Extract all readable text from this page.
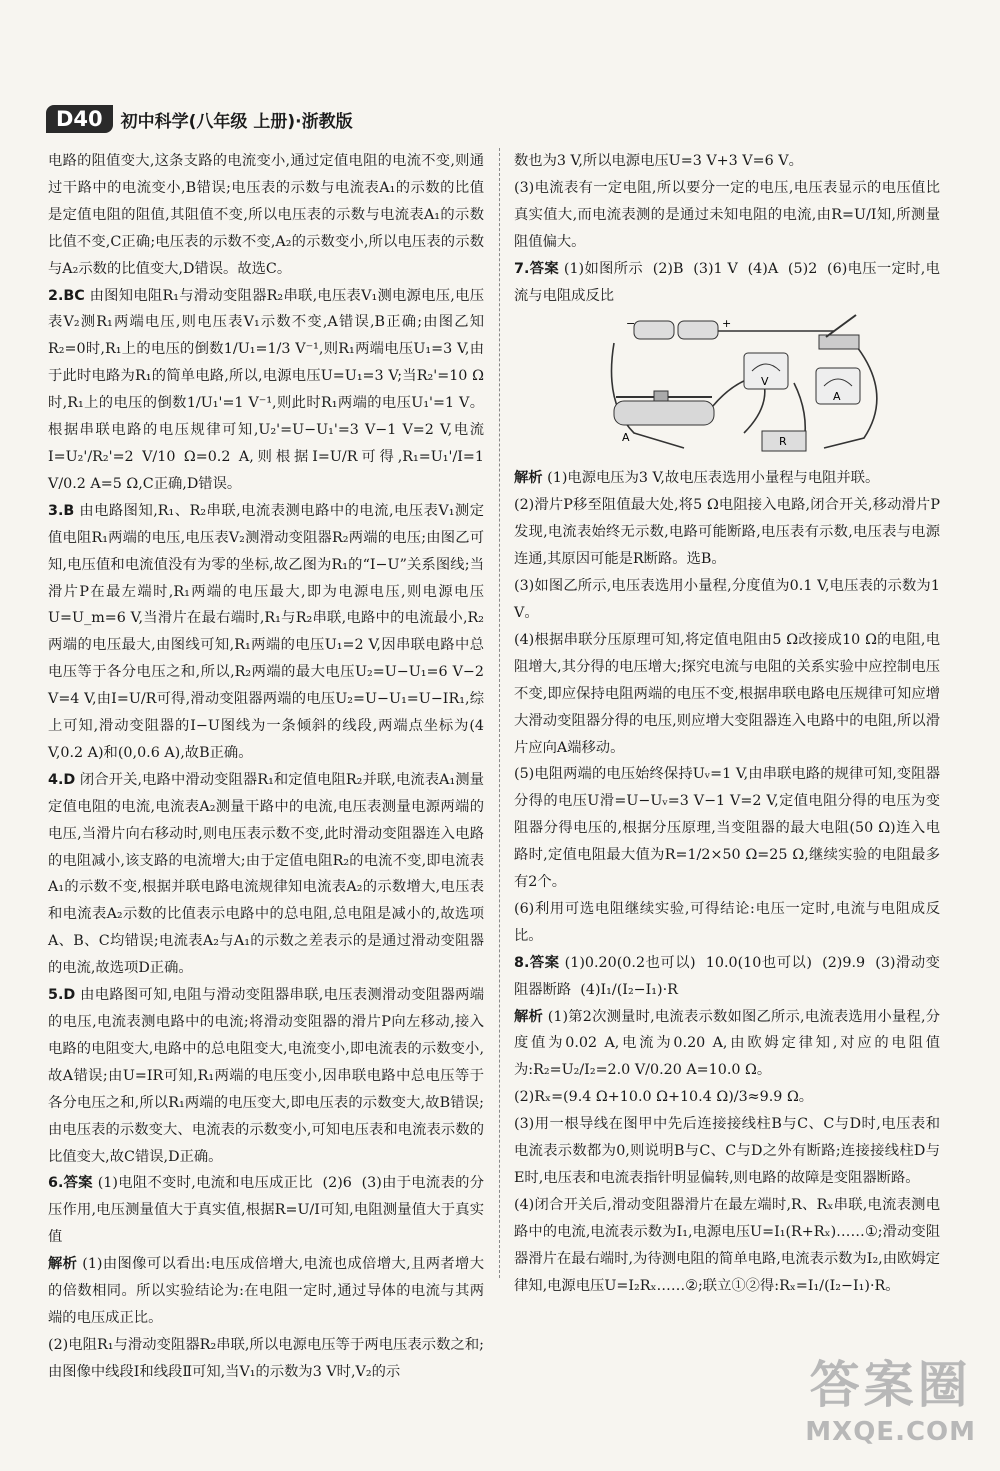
D40	初中科学(八年级 上册)·浙教版

电路的阻值变大,这条支路的电流变小,通过定值电阻的电流不变,则通过干路中的电流变小,B错误;电压表的示数与电流表A₁的示数的比值是定值电阻的阻值,其阻值不变,所以电压表的示数与电流表A₁的示数比值不变,C正确;电压表的示数不变,A₂的示数变小,所以电压表的示数与A₂示数的比值变大,D错误。故选C。

2.BC 由图知电阻R₁与滑动变阻器R₂串联,电压表V₁测电源电压,电压表V₂测R₁两端电压,则电压表V₁示数不变,A错误,B正确;由图乙知R₂=0时,R₁上的电压的倒数1/U₁=1/3 V⁻¹,则R₁两端电压U₁=3 V,由于此时电路为R₁的简单电路,所以,电源电压U=U₁=3 V;当R₂'=10 Ω时,R₁上的电压的倒数1/U₁'=1 V⁻¹,则此时R₁两端的电压U₁'=1 V。根据串联电路的电压规律可知,U₂'=U−U₁'=3 V−1 V=2 V,电流I=U₂'/R₂'=2 V/10 Ω=0.2 A,则根据I=U/R可得,R₁=U₁'/I=1 V/0.2 A=5 Ω,C正确,D错误。

3.B 由电路图知,R₁、R₂串联,电流表测电路中的电流,电压表V₁测定值电阻R₁两端的电压,电压表V₂测滑动变阻器R₂两端的电压;由图乙可知,电压值和电流值没有为零的坐标,故乙图为R₁的“I−U”关系图线;当滑片P在最左端时,R₁两端的电压最大,即为电源电压,则电源电压U=U_m=6 V,当滑片在最右端时,R₁与R₂串联,电路中的电流最小,R₂两端的电压最大,由图线可知,R₁两端的电压U₁=2 V,因串联电路中总电压等于各分电压之和,所以,R₂两端的最大电压U₂=U−U₁=6 V−2 V=4 V,由I=U/R可得,滑动变阻器两端的电压U₂=U−U₁=U−IR₁,综上可知,滑动变阻器的I−U图线为一条倾斜的线段,两端点坐标为(4 V,0.2 A)和(0,0.6 A),故B正确。

4.D 闭合开关,电路中滑动变阻器R₁和定值电阻R₂并联,电流表A₁测量定值电阻的电流,电流表A₂测量干路中的电流,电压表测量电源两端的电压,当滑片向右移动时,则电压表示数不变,此时滑动变阻器连入电路的电阻减小,该支路的电流增大;由于定值电阻R₂的电流不变,即电流表A₁的示数不变,根据并联电路电流规律知电流表A₂的示数增大,电压表和电流表A₂示数的比值表示电路中的总电阻,总电阻是减小的,故选项A、B、C均错误;电流表A₂与A₁的示数之差表示的是通过滑动变阻器的电流,故选项D正确。

5.D 由电路图可知,电阻与滑动变阻器串联,电压表测滑动变阻器两端的电压,电流表测电路中的电流;将滑动变阻器的滑片P向左移动,接入电路的电阻变大,电路中的总电阻变大,电流变小,即电流表的示数变小,故A错误;由U=IR可知,R₁两端的电压变小,因串联电路中总电压等于各分电压之和,所以R₁两端的电压变大,即电压表的示数变大,故B错误;由电压表的示数变大、电流表的示数变小,可知电压表和电流表示数的比值变大,故C错误,D正确。

6.答案 (1)电阻不变时,电流和电压成正比  (2)6  (3)由于电流表的分压作用,电压测量值大于真实值,根据R=U/I可知,电阻测量值大于真实值

解析 (1)由图像可以看出:电压成倍增大,电流也成倍增大,且两者增大的倍数相同。所以实验结论为:在电阻一定时,通过导体的电流与其两端的电压成正比。
(2)电阻R₁与滑动变阻器R₂串联,所以电源电压等于两电压表示数之和;由图像中线段Ⅰ和线段Ⅱ可知,当V₁的示数为3 V时,V₂的示

数也为3 V,所以电源电压U=3 V+3 V=6 V。
(3)电流表有一定电阻,所以要分一定的电压,电压表显示的电压值比真实值大,而电流表测的是通过未知电阻的电流,由R=U/I知,所测量阻值偏大。

7.答案 (1)如图所示  (2)B  (3)1 V  (4)A  (5)2  (6)电压一定时,电流与电阻成反比

+
−
V
A
A	R

解析 (1)电源电压为3 V,故电压表选用小量程与电阻并联。
(2)滑片P移至阻值最大处,将5 Ω电阻接入电路,闭合开关,移动滑片P发现,电流表始终无示数,电路可能断路,电压表有示数,电压表与电源连通,其原因可能是R断路。选B。
(3)如图乙所示,电压表选用小量程,分度值为0.1 V,电压表的示数为1 V。
(4)根据串联分压原理可知,将定值电阻由5 Ω改接成10 Ω的电阻,电阻增大,其分得的电压增大;探究电流与电阻的关系实验中应控制电压不变,即应保持电阻两端的电压不变,根据串联电路电压规律可知应增大滑动变阻器分得的电压,则应增大变阻器连入电路中的电阻,所以滑片应向A端移动。
(5)电阻两端的电压始终保持Uᵥ=1 V,由串联电路的规律可知,变阻器分得的电压U滑=U−Uᵥ=3 V−1 V=2 V,定值电阻分得的电压为变阻器分得电压的,根据分压原理,当变阻器的最大电阻(50 Ω)连入电路时,定值电阻最大值为R=1/2×50 Ω=25 Ω,继续实验的电阻最多有2个。
(6)利用可选电阻继续实验,可得结论:电压一定时,电流与电阻成反比。

8.答案 (1)0.20(0.2也可以)  10.0(10也可以)  (2)9.9  (3)滑动变阻器断路  (4)I₁/(I₂−I₁)·R

解析 (1)第2次测量时,电流表示数如图乙所示,电流表选用小量程,分度值为0.02 A,电流为0.20 A,由欧姆定律知,对应的电阻值为:R₂=U₂/I₂=2.0 V/0.20 A=10.0 Ω。
(2)Rₓ=(9.4 Ω+10.0 Ω+10.4 Ω)/3≈9.9 Ω。
(3)用一根导线在图甲中先后连接接线柱B与C、C与D时,电压表和电流表示数都为0,则说明B与C、C与D之外有断路;连接接线柱D与E时,电压表和电流表指针明显偏转,则电路的故障是变阻器断路。
(4)闭合开关后,滑动变阻器滑片在最左端时,R、Rₓ串联,电流表测电路中的电流,电流表示数为I₁,电源电压U=I₁(R+Rₓ)……①;滑动变阻器滑片在最右端时,为待测电阻的简单电路,电流表示数为I₂,由欧姆定律知,电源电压U=I₂Rₓ……②;联立①②得:Rₓ=I₁/(I₂−I₁)·R。

答案圈
MXQE.COM
